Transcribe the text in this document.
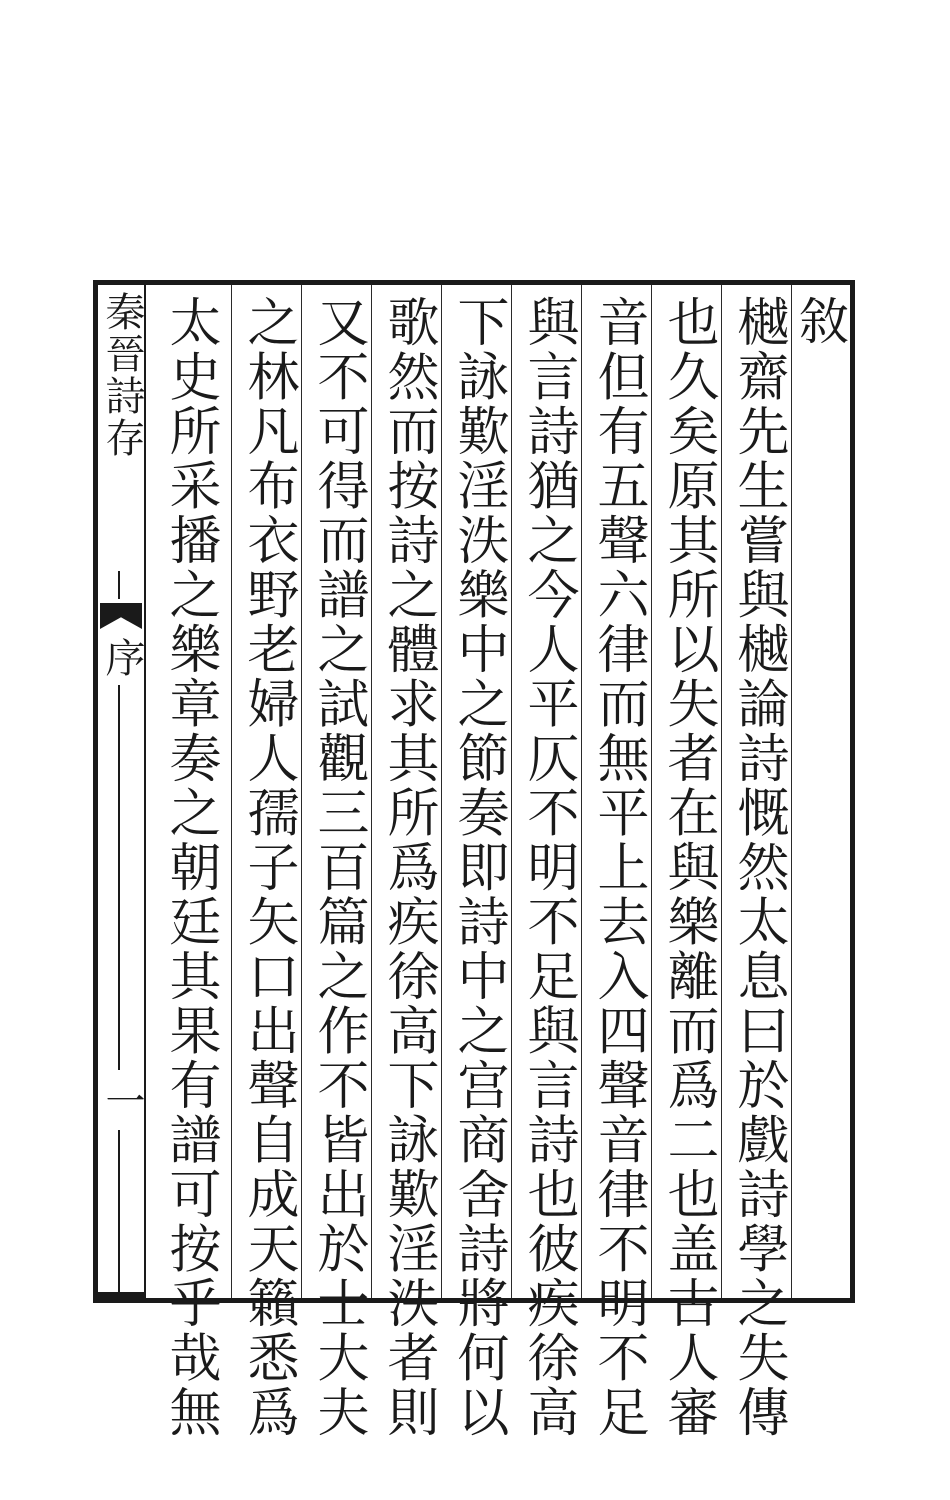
秦晉詩存
序
一
敘
樾齋先生嘗與樾論詩慨然太息曰於戲詩學之失傳
也久矣原其所以失者在與樂離而爲二也盖古人審
音但有五聲六律而無平上去入四聲音律不明不足
與言詩猶之今人平仄不明不足與言詩也彼疾徐高
下詠歎淫泆樂中之節奏即詩中之宫商舍詩將何以
歌然而按詩之體求其所爲疾徐高下詠歎淫泆者則
又不可得而譜之試觀三百篇之作不皆出於士大夫
之林凡布衣野老婦人孺子矢口出聲自成天籟悉爲
太史所采播之樂章奏之朝廷其果有譜可按乎哉無
